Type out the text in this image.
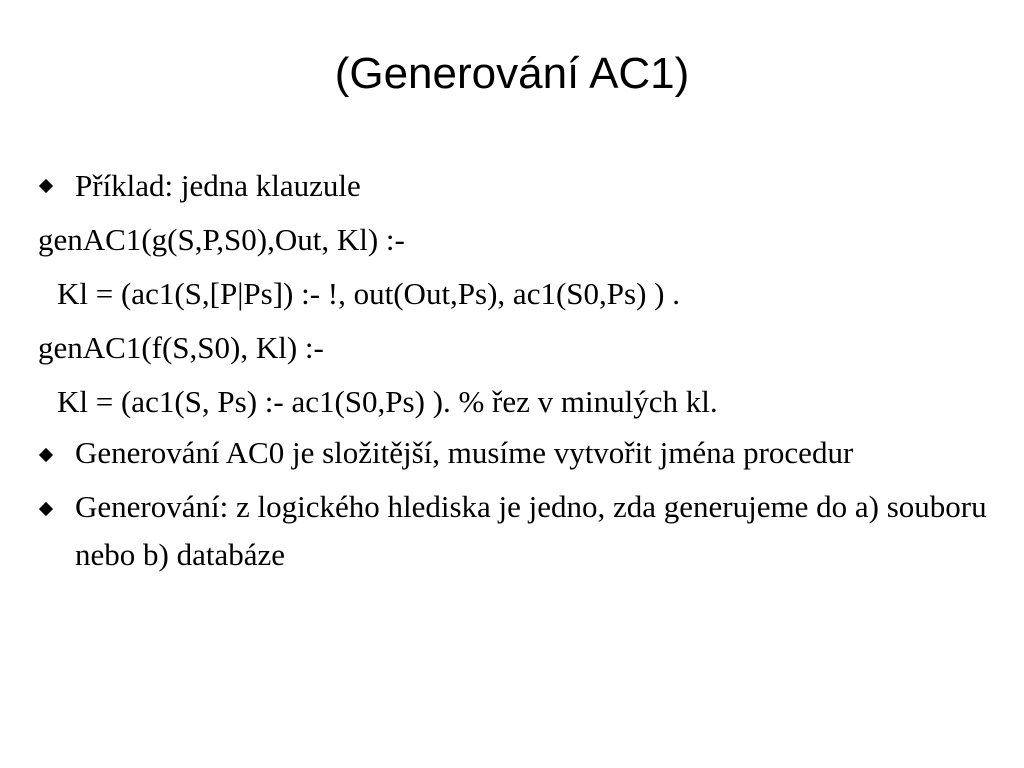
(Generování AC1)
Příklad: jedna klauzule
genAC1(g(S,P,S0),Out, Kl) :-
Kl = (ac1(S,[P|Ps]) :- !, out(Out,Ps), ac1(S0,Ps) ) .
genAC1(f(S,S0), Kl) :-
Kl = (ac1(S, Ps) :- ac1(S0,Ps) ). % řez v minulých kl.
Generování AC0 je složitější, musíme vytvořit jména procedur
Generování: z logického hlediska je jedno, zda generujeme do a) souboru nebo b) databáze
